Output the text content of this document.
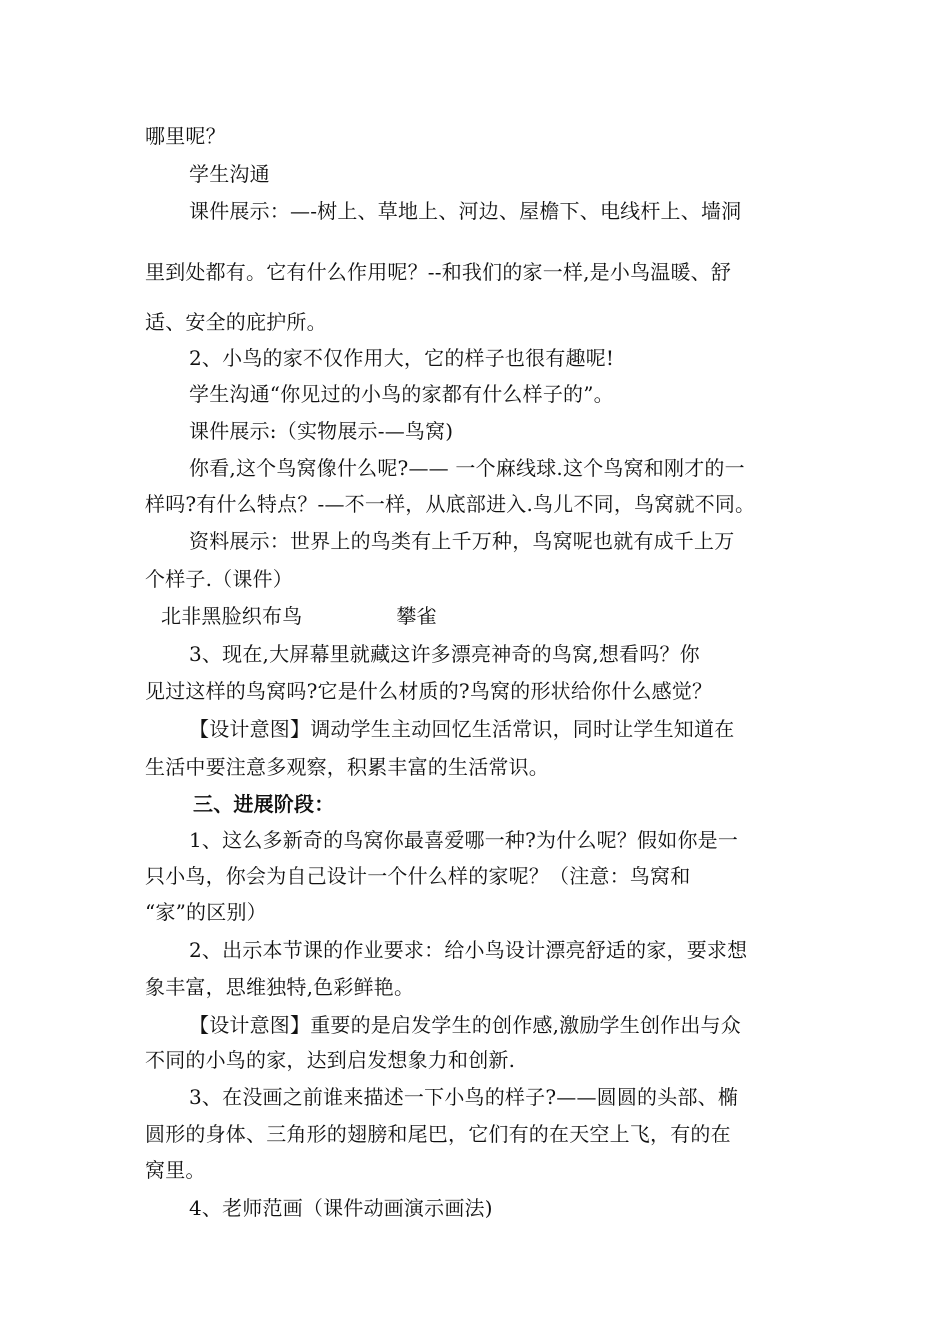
哪里呢？
学生沟通
课件展示：—-树上、草地上、河边、屋檐下、电线杆上、墙洞
里到处都有。它有什么作用呢？--和我们的家一样,是小鸟温暖、舒
适、安全的庇护所。
2、小鸟的家不仅作用大，它的样子也很有趣呢!
学生沟通“你见过的小鸟的家都有什么样子的”。
课件展示:（实物展示-—鸟窝)
你看,这个鸟窝像什么呢?—— 一个麻线球.这个鸟窝和刚才的一
样吗?有什么特点？-—不一样，从底部进入.鸟儿不同，鸟窝就不同。
资料展示：世界上的鸟类有上千万种，鸟窝呢也就有成千上万
个样子.（课件）
北非黑脸织布鸟	攀雀
3、现在,大屏幕里就藏这许多漂亮神奇的鸟窝,想看吗？你
见过这样的鸟窝吗?它是什么材质的?鸟窝的形状给你什么感觉？
【设计意图】调动学生主动回忆生活常识，同时让学生知道在
生活中要注意多观察，积累丰富的生活常识。
三、进展阶段：
1、这么多新奇的鸟窝你最喜爱哪一种?为什么呢？假如你是一
只小鸟，你会为自己设计一个什么样的家呢？（注意：鸟窝和
“家”的区别）
2、出示本节课的作业要求：给小鸟设计漂亮舒适的家，要求想
象丰富，思维独特,色彩鲜艳。
【设计意图】重要的是启发学生的创作感,激励学生创作出与众
不同的小鸟的家，达到启发想象力和创新.
3、在没画之前谁来描述一下小鸟的样子?——圆圆的头部、椭
圆形的身体、三角形的翅膀和尾巴，它们有的在天空上飞，有的在
窝里。
4、老师范画（课件动画演示画法)
